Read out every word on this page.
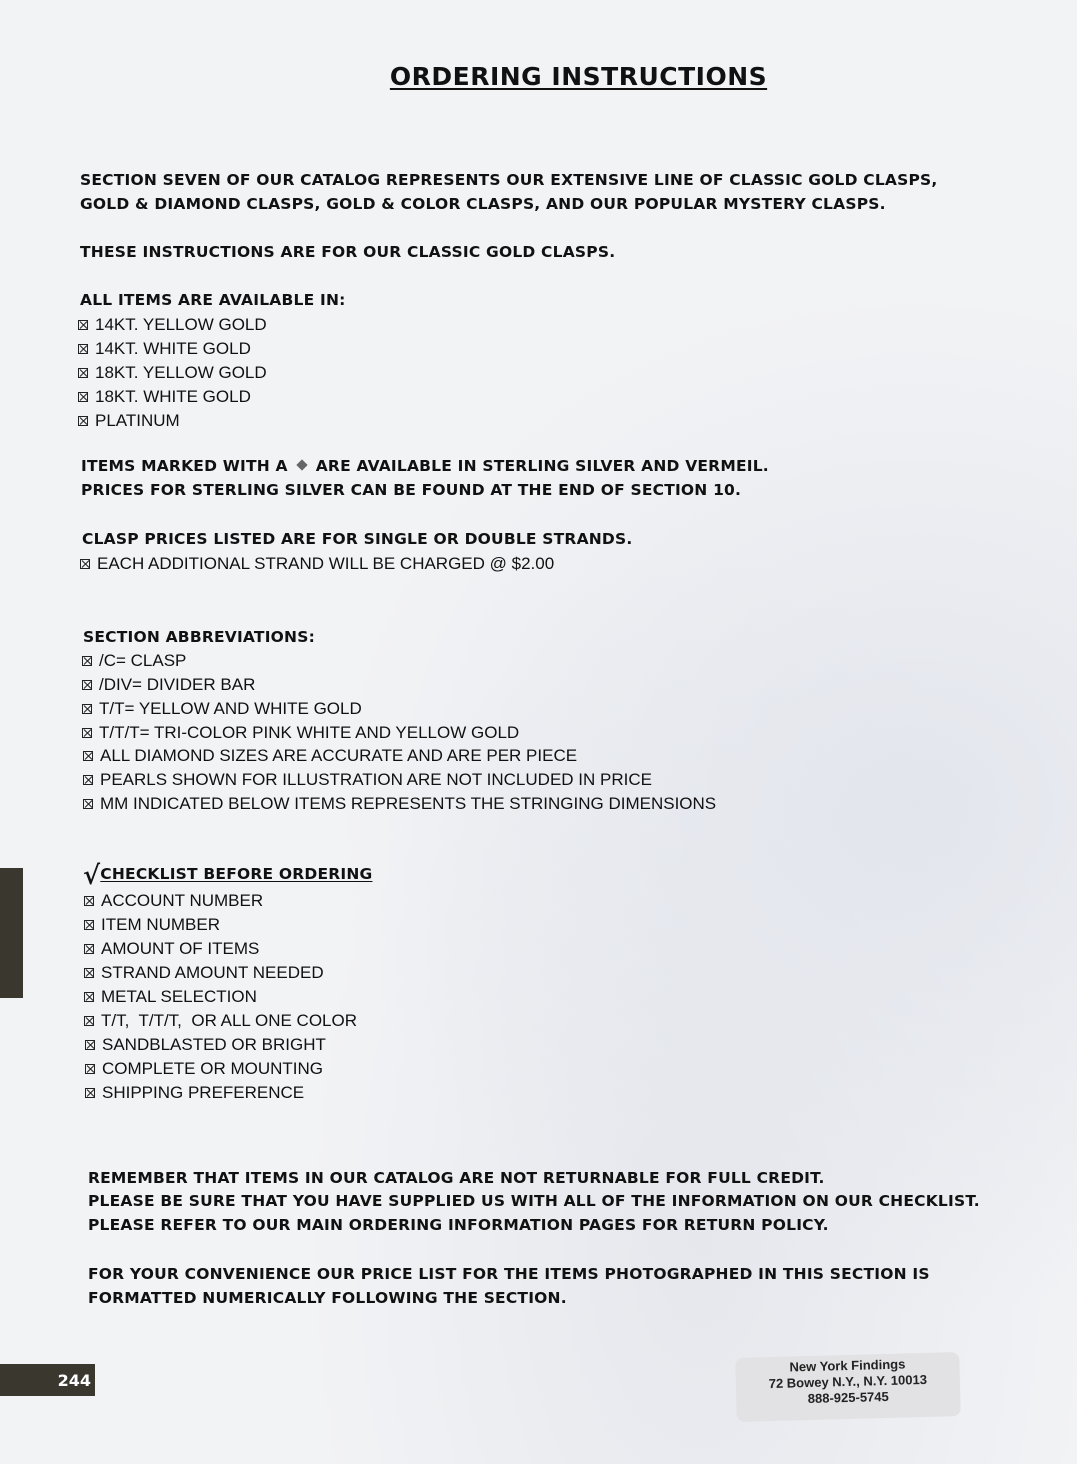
ORDERING INSTRUCTIONS
SECTION SEVEN OF OUR CATALOG REPRESENTS OUR EXTENSIVE LINE OF CLASSIC GOLD CLASPS,
GOLD & DIAMOND CLASPS, GOLD & COLOR CLASPS, AND OUR POPULAR MYSTERY CLASPS.
THESE INSTRUCTIONS ARE FOR OUR CLASSIC GOLD CLASPS.
ALL ITEMS ARE AVAILABLE IN:
14KT. YELLOW GOLD
14KT. WHITE GOLD
18KT. YELLOW GOLD
18KT. WHITE GOLD
PLATINUM
ITEMS MARKED WITH A ARE AVAILABLE IN STERLING SILVER AND VERMEIL.
PRICES FOR STERLING SILVER CAN BE FOUND AT THE END OF SECTION 10.
CLASP PRICES LISTED ARE FOR SINGLE OR DOUBLE STRANDS.
EACH ADDITIONAL STRAND WILL BE CHARGED @ $2.00
SECTION ABBREVIATIONS:
/C= CLASP
/DIV= DIVIDER BAR
T/T= YELLOW AND WHITE GOLD
T/T/T= TRI-COLOR PINK WHITE AND YELLOW GOLD
ALL DIAMOND SIZES ARE ACCURATE AND ARE PER PIECE
PEARLS SHOWN FOR ILLUSTRATION ARE NOT INCLUDED IN PRICE
MM INDICATED BELOW ITEMS REPRESENTS THE STRINGING DIMENSIONS
√ CHECKLIST BEFORE ORDERING
ACCOUNT NUMBER
ITEM NUMBER
AMOUNT OF ITEMS
STRAND AMOUNT NEEDED
METAL SELECTION
T/T,  T/T/T,  OR ALL ONE COLOR
SANDBLASTED OR BRIGHT
COMPLETE OR MOUNTING
SHIPPING PREFERENCE
REMEMBER THAT ITEMS IN OUR CATALOG ARE NOT RETURNABLE FOR FULL CREDIT.
PLEASE BE SURE THAT YOU HAVE SUPPLIED US WITH ALL OF THE INFORMATION ON OUR CHECKLIST.
PLEASE REFER TO OUR MAIN ORDERING INFORMATION PAGES FOR RETURN POLICY.
FOR YOUR CONVENIENCE OUR PRICE LIST FOR THE ITEMS PHOTOGRAPHED IN THIS SECTION IS
FORMATTED NUMERICALLY FOLLOWING THE SECTION.
244
New York Findings
72 Bowey N.Y., N.Y. 10013
888-925-5745
